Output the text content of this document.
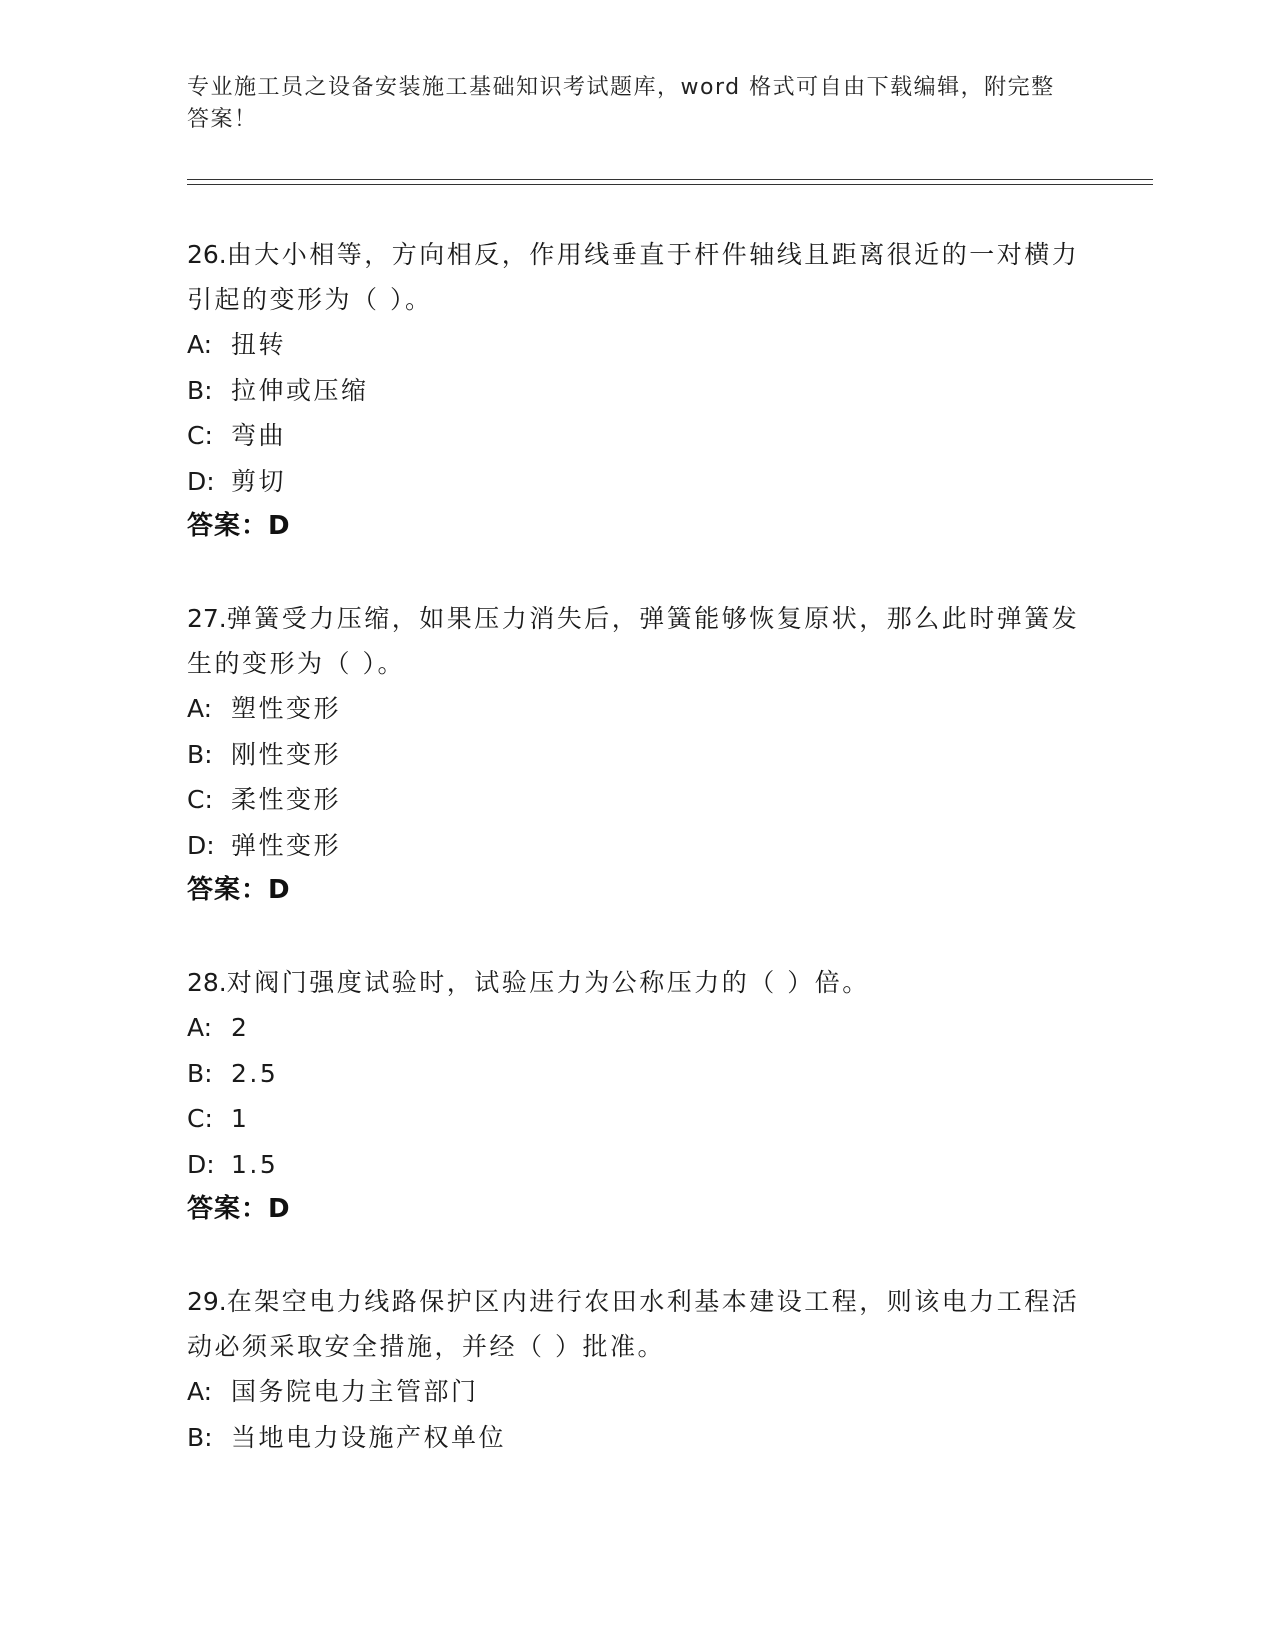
专业施工员之设备安装施工基础知识考试题库，word 格式可自由下载编辑，附完整答案！

26.由大小相等，方向相反，作用线垂直于杆件轴线且距离很近的一对横力引起的变形为（ ）。

A: 扭转
B: 拉伸或压缩
C: 弯曲
D: 剪切
答案：D

27.弹簧受力压缩，如果压力消失后，弹簧能够恢复原状，那么此时弹簧发生的变形为（ ）。

A: 塑性变形
B: 刚性变形
C: 柔性变形
D: 弹性变形
答案：D

28.对阀门强度试验时，试验压力为公称压力的（ ）倍。

A: 2
B: 2.5
C: 1
D: 1.5
答案：D

29.在架空电力线路保护区内进行农田水利基本建设工程，则该电力工程活动必须采取安全措施，并经（ ）批准。

A: 国务院电力主管部门
B: 当地电力设施产权单位
